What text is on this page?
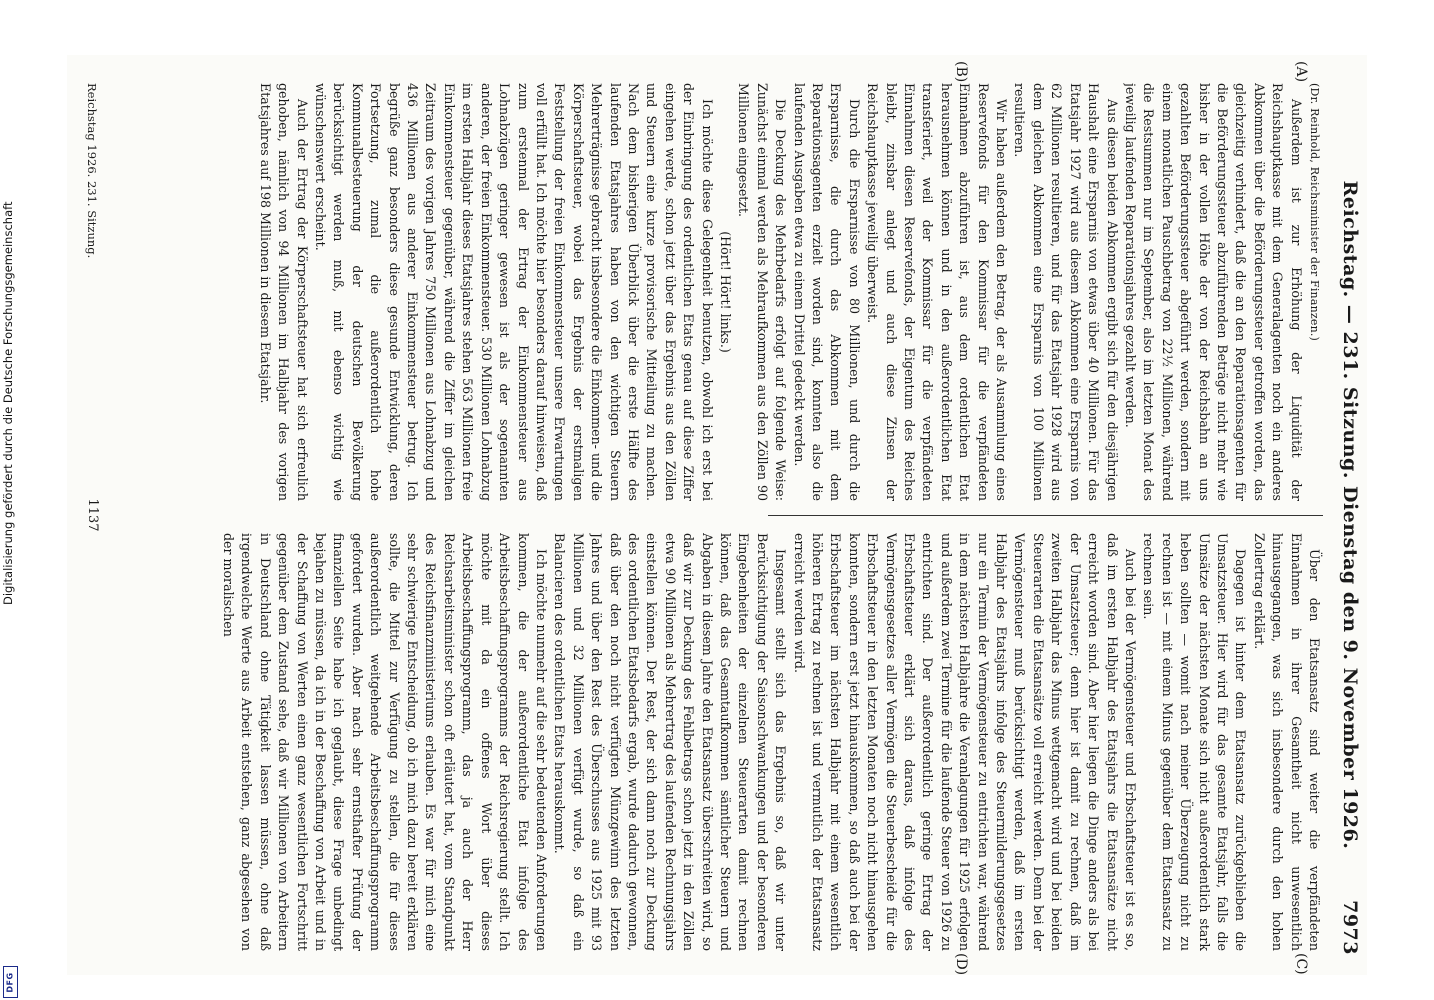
Reichstag. — 231. Sitzung. Dienstag den 9. November 1926.
7973
(A)
(B)
(C)
(D)

(Dr. Reinhold, Reichsminister der Finanzen.)

Außerdem ist zur Erhöhung der Liquidität der Reichshauptkasse mit dem Generalagenten noch ein anderes Abkommen über die Beförderungssteuer getroffen worden, das gleichzeitig verhindert, daß die an den Reparationsagenten für die Beförderungssteuer abzuführenden Beträge nicht mehr wie bisher in der vollen Höhe der von der Reichsbahn an uns gezahlten Beförderungssteuer abgeführt werden, sondern mit einem monatlichen Pauschbetrag von 22½ Millionen, während die Restsummen nur im September, also im letzten Monat des jeweilig laufenden Reparationsjahres gezahlt werden.

Aus diesen beiden Abkommen ergibt sich für den diesjährigen Haushalt eine Ersparnis von etwas über 40 Millionen. Für das Etatsjahr 1927 wird aus diesem Abkommen eine Ersparnis von 62 Millionen resultieren, und für das Etatsjahr 1928 wird aus dem gleichen Abkommen eine Ersparnis von 100 Millionen resultieren.

Wir haben außerdem den Betrag, der als Ausammlung eines Reservefonds für den Kommissar für die verpfändeten Einnahmen abzuführen ist, aus dem ordentlichen Etat herausnehmen können und in den außerordentlichen Etat transferiert, weil der Kommissar für die verpfändeten Einnahmen diesen Reservefonds, der Eigentum des Reiches bleibt, zinsbar anlegt und auch diese Zinsen der Reichshauptkasse jeweilig überweist.

Durch die Ersparnisse von 80 Millionen, und durch die Ersparnisse, die durch das Abkommen mit dem Reparationsagenten erzielt worden sind, konnten also die laufenden Ausgaben etwa zu einem Drittel gedeckt werden.

Die Deckung des Mehrbedarfs erfolgt auf folgende Weise: Zunächst einmal werden als Mehraufkommen aus den Zöllen 90 Millionen eingesetzt.

(Hört! Hört! links.)

Ich möchte diese Gelegenheit benutzen, obwohl ich erst bei der Einbringung des ordentlichen Etats genau auf diese Ziffer eingehen werde, schon jetzt über das Ergebnis aus den Zöllen und Steuern eine kurze provisorische Mitteilung zu machen. Nach dem bisherigen Überblick über die erste Hälfte des laufenden Etatsjahres haben von den wichtigen Steuern Mehrerträgnisse gebracht insbesondere die Einkommen- und die Körperschaftsteuer, wobei das Ergebnis der erstmaligen Feststellung der freien Einkommensteuer unsere Erwartungen voll erfüllt hat. Ich möchte hier besonders darauf hinweisen, daß zum erstenmal der Ertrag der Einkommensteuer aus Lohnabzügen geringer gewesen ist als der sogenannten anderen, der freien Einkommensteuer. 530 Millionen Lohnabzug im ersten Halbjahr dieses Etatsjahres stehen 563 Millionen freie Einkommensteuer gegenüber, während die Ziffer im gleichen Zeitraum des vorigen Jahres 750 Millionen aus Lohnabzug und 436 Millionen aus anderer Einkommensteuer betrug. Ich begrüße ganz besonders diese gesunde Entwicklung, deren Fortsetzung, zumal die außerordentlich hohe Kommunalbesteuerung der deutschen Bevölkerung berücksichtigt werden muß, mit ebenso wichtig wie wünschenswert erscheint.

Auch der Ertrag der Körperschaftsteuer hat sich erfreulich gehoben, nämlich von 94 Millionen im Halbjahr des vorigen Etatsjahres auf 198 Millionen in diesem Etatsjahr.

Über den Etatsansatz sind weiter die verpfändeten Einnahmen in ihrer Gesamtheit nicht unwesentlich hinausgegangen, was sich insbesondere durch den hohen Zollertrag erklärt.

Dagegen ist hinter dem Etatsansatz zurückgeblieben die Umsatzsteuer. Hier wird für das gesamte Etatsjahr, falls die Umsätze der nächsten Monate sich nicht außerordentlich stark heben sollten — womit nach meiner Überzeugung nicht zu rechnen ist — mit einem Minus gegenüber dem Etatsansatz zu rechnen sein.

Auch bei der Vermögensteuer und Erbschaftsteuer ist es so, daß im ersten Halbjahr des Etatsjahrs die Etatsansätze nicht erreicht worden sind. Aber hier liegen die Dinge anders als bei der Umsatzsteuer; denn hier ist damit zu rechnen, daß im zweiten Halbjahr das Minus wettgemacht wird und bei beiden Steuerarten die Etatsansätze voll erreicht werden. Denn bei der Vermögensteuer muß berücksichtigt werden, daß im ersten Halbjahr des Etatsjahrs infolge des Steuermilderungsgesetzes nur ein Termin der Vermögensteuer zu entrichten war, während in dem nächsten Halbjahre die Veranlagungen für 1925 erfolgen und außerdem zwei Termine für die laufende Steuer von 1926 zu entrichten sind. Der außerordentlich geringe Ertrag der Erbschaftsteuer erklärt sich daraus, daß infolge des Vermögensgesetzes aller Vermögen die Steuerbescheide für die Erbschaftsteuer in den letzten Monaten noch nicht hinausgehen konnten, sondern erst jetzt hinauskommen, so daß auch bei der Erbschaftsteuer im nächsten Halbjahr mit einem wesentlich höheren Ertrag zu rechnen ist und vermutlich der Etatsansatz erreicht werden wird.

Insgesamt stellt sich das Ergebnis so, daß wir unter Berücksichtigung der Saisonschwankungen und der besonderen Eingebenheiten der einzelnen Steuerarten damit rechnen können, daß das Gesamtaufkommen sämtlicher Steuern und Abgaben in diesem Jahre den Etatsansatz überschreiten wird, so daß wir zur Deckung des Fehlbetrags schon jetzt in den Zöllen etwa 90 Millionen als Mehrertrag des laufenden Rechnungsjahrs einstellen können. Der Rest, der sich dann noch zur Deckung des ordentlichen Etatsbedarfs ergab, wurde dadurch gewonnen, daß über den noch nicht verfügten Münzgewinn des letzten Jahres und über den Rest des Überschusses aus 1925 mit 93 Millionen und 32 Millionen verfügt wurde, so daß ein Balancieren des ordentlichen Etats herauskommt.

Ich möchte nunmehr auf die sehr bedeutenden Anforderungen kommen, die der außerordentliche Etat infolge des Arbeitsbeschaffungsprogramms der Reichsregierung stellt. Ich möchte mit da ein offenes Wort über dieses Arbeitsbeschaffungsprogramm, das ja auch der Herr Reichsarbeitsminister schon oft erläutert hat, vom Standpunkt des Reichsfinanzministeriums erlauben. Es war für mich eine sehr schwierige Entscheidung, ob ich mich dazu bereit erklären sollte, die Mittel zur Verfügung zu stellen, die für dieses außerordentlich weitgehende Arbeitsbeschaffungsprogramm gefordert wurden. Aber nach sehr ernsthafter Prüfung der finanziellen Seite habe ich geglaubt, diese Frage unbedingt bejahen zu müssen, da ich in der Beschaffung von Arbeit und in der Schaffung von Werten einen ganz wesentlichen Fortschritt gegenüber dem Zustand sehe, daß wir Millionen von Arbeitern in Deutschland ohne Tätigkeit lassen müssen, ohne daß irgendwelche Werte aus Arbeit entstehen, ganz abgesehen von der moralischen

Reichstag 1926. 231. Sitzung.
1137
Digitalisierung gefördert durch die Deutsche Forschungsgemeinschaft
DFG
